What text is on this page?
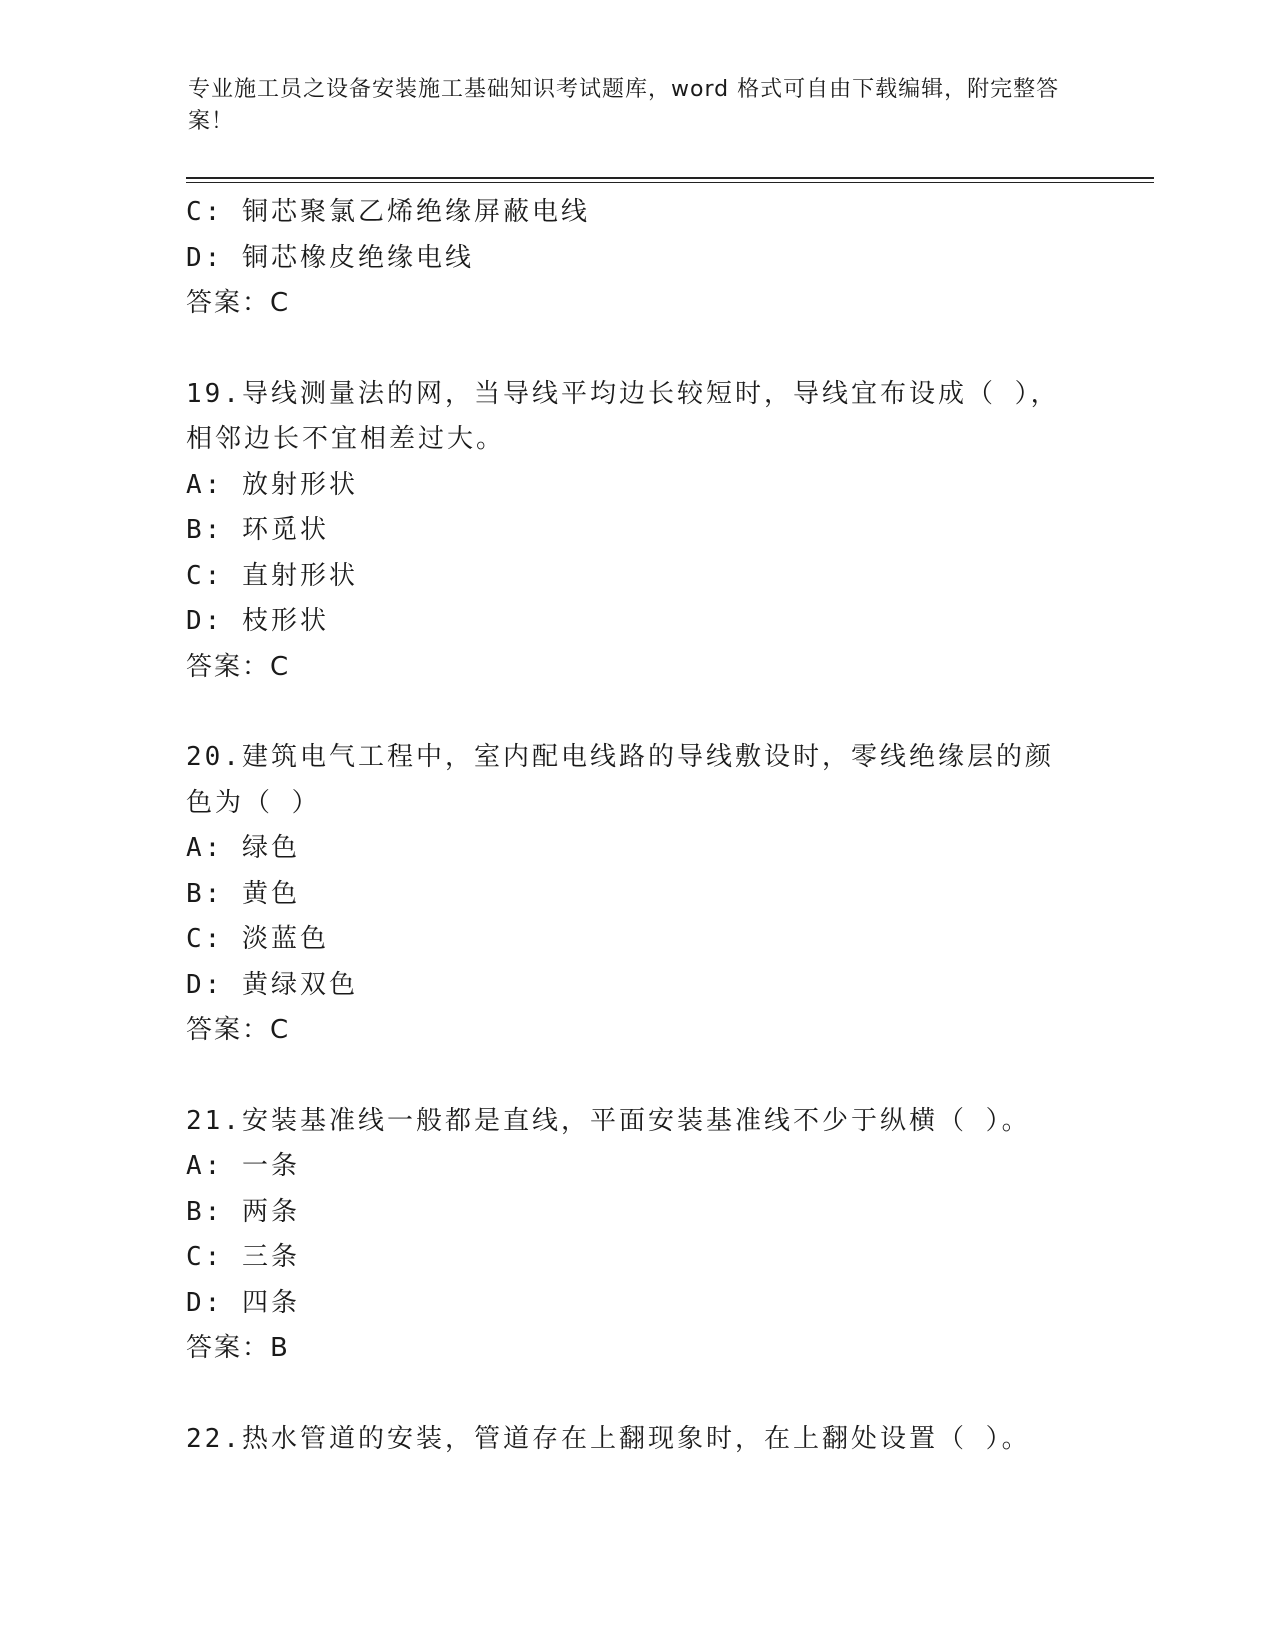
专业施工员之设备安装施工基础知识考试题库，word 格式可自由下载编辑，附完整答案！
C: 铜芯聚氯乙烯绝缘屏蔽电线
D: 铜芯橡皮绝缘电线
答案：C
19.导线测量法的网，当导线平均边长较短时，导线宜布设成（ ），相邻边长不宜相差过大。
A: 放射形状
B: 环觅状
C: 直射形状
D: 枝形状
答案：C
20.建筑电气工程中，室内配电线路的导线敷设时，零线绝缘层的颜色为（ ）
A: 绿色
B: 黄色
C: 淡蓝色
D: 黄绿双色
答案：C
21.安装基准线一般都是直线，平面安装基准线不少于纵横（ ）。
A: 一条
B: 两条
C: 三条
D: 四条
答案：B
22.热水管道的安装，管道存在上翻现象时，在上翻处设置（ ）。
